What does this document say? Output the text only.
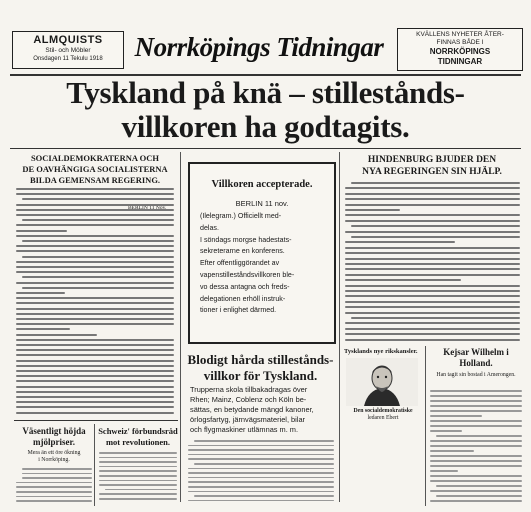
ALMQUISTS
Stil- och Möbler
Onsdagen 11 Tekulu 1918	Norrköpings Tidningar	KVÄLLENS NYHETER ÅTER-
FINNAS BÅDE I
NORRKÖPINGS
TIDNINGAR
Tyskland på knä – stillestånds-
villkoren ha godtagits.
SOCIALDEMOKRATERNA OCH
DE OAVHÄNGIGA SOCIALISTERNA
BILDA GEMENSAM REGERING.	Villkoren accepterade.
BERLIN 11 nov.
(Ilelegram.) Officiellt med-
delas.
I söndags morgse hadestats-
sekreterarne en konferens.
Efter offentliggörandet av
vapenstilleståndsvillkoren ble-
vo dessa antagna och freds-
delegationen erhöll instruk-
tioner i enlighet därmed.
Blodigt hårda stillestånds-
villkor för Tyskland.
Trupperna skola tillbakadragas över
Rhen; Mainz, Coblenz och Köln be-
sättas, en betydande mängd kanoner,
örlogsfartyg, järnvägsmateriel, bilar
och flygmaskiner utlämnas m. m.
HINDENBURG BJUDER DEN
NYA REGERINGEN SIN HJÄLP.
Tysklands nye rikskansler.
Den socialdemokratiske
ledaren Ebert
Kejsar Wilhelm i
Holland.
Han tagit sin bostad i Amerongen.
Väsentligt höjda
mjölpriser.
Mera än ett öre ökning
i Norrköping.
Schweiz' förbundsråd
mot revolutionen.
